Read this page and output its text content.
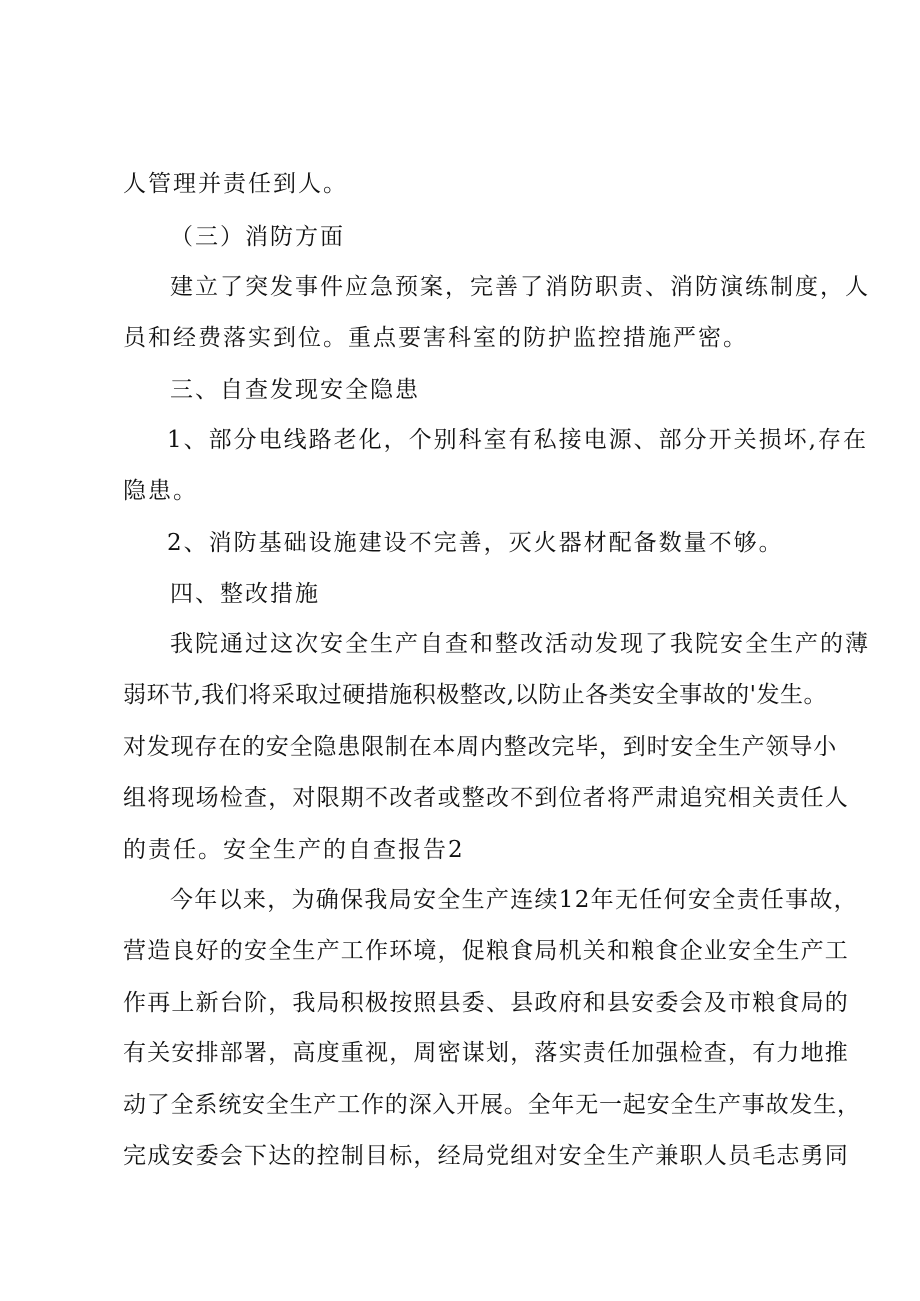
人管理并责任到人。
（三）消防方面
建立了突发事件应急预案，完善了消防职责、消防演练制度，人
员和经费落实到位。重点要害科室的防护监控措施严密。
三、自查发现安全隐患
1、部分电线路老化，个别科室有私接电源、部分开关损坏,存在
隐患。
2、消防基础设施建设不完善，灭火器材配备数量不够。
四、整改措施
我院通过这次安全生产自查和整改活动发现了我院安全生产的薄
弱环节,我们将采取过硬措施积极整改,以防止各类安全事故的'发生。
对发现存在的安全隐患限制在本周内整改完毕，到时安全生产领导小
组将现场检查，对限期不改者或整改不到位者将严肃追究相关责任人
的责任。安全生产的自查报告2
今年以来，为确保我局安全生产连续12年无任何安全责任事故，
营造良好的安全生产工作环境，促粮食局机关和粮食企业安全生产工
作再上新台阶，我局积极按照县委、县政府和县安委会及市粮食局的
有关安排部署，高度重视，周密谋划，落实责任加强检查，有力地推
动了全系统安全生产工作的深入开展。全年无一起安全生产事故发生，
完成安委会下达的控制目标，经局党组对安全生产兼职人员毛志勇同
